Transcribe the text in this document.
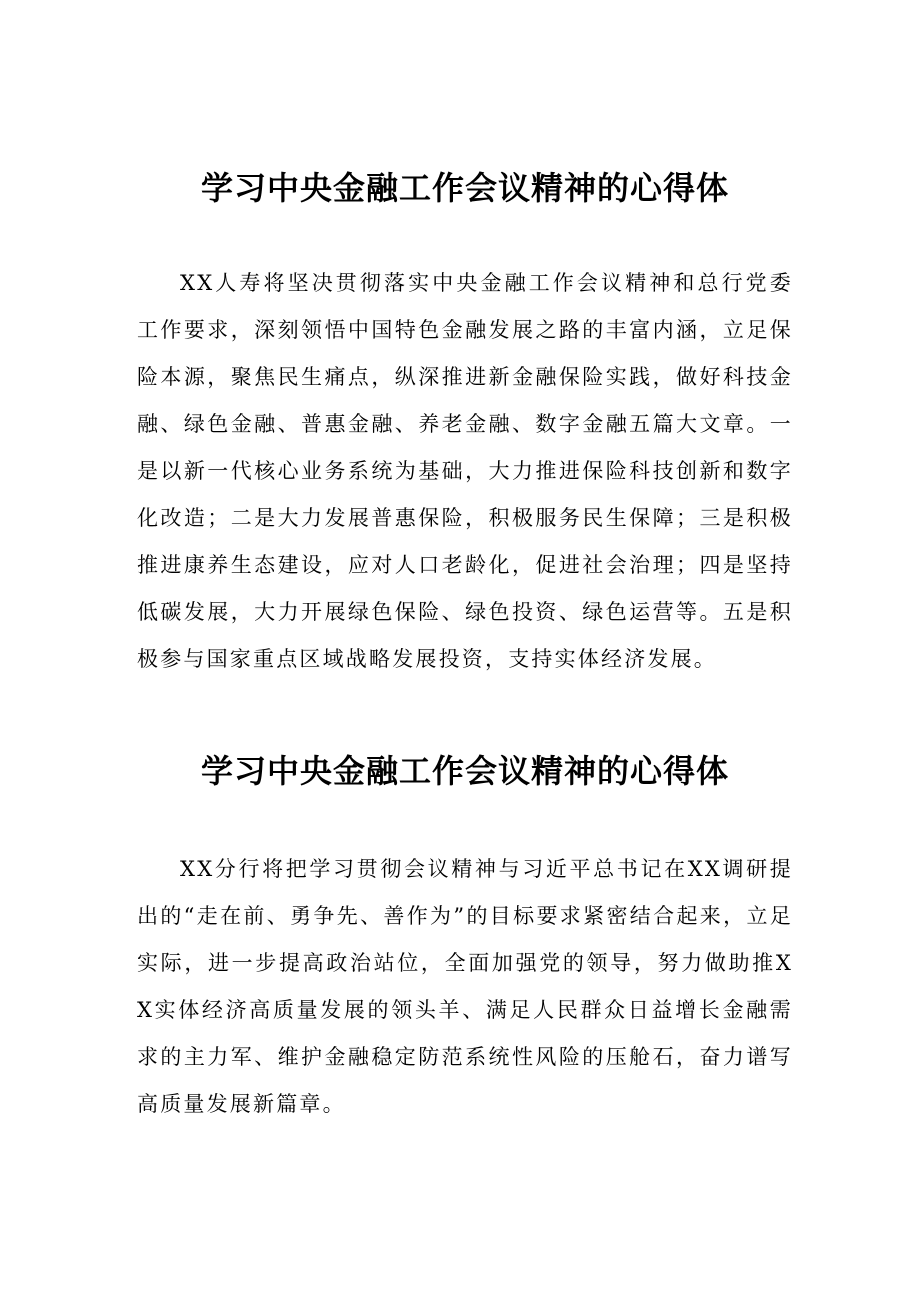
学习中央金融工作会议精神的心得体

XX人寿将坚决贯彻落实中央金融工作会议精神和总行党委工作要求，深刻领悟中国特色金融发展之路的丰富内涵，立足保险本源，聚焦民生痛点，纵深推进新金融保险实践，做好科技金融、绿色金融、普惠金融、养老金融、数字金融五篇大文章。一是以新一代核心业务系统为基础，大力推进保险科技创新和数字化改造；二是大力发展普惠保险，积极服务民生保障；三是积极推进康养生态建设，应对人口老龄化，促进社会治理；四是坚持低碳发展，大力开展绿色保险、绿色投资、绿色运营等。五是积极参与国家重点区域战略发展投资，支持实体经济发展。

学习中央金融工作会议精神的心得体

XX分行将把学习贯彻会议精神与习近平总书记在XX调研提出的“走在前、勇争先、善作为”的目标要求紧密结合起来，立足实际，进一步提高政治站位，全面加强党的领导，努力做助推XX实体经济高质量发展的领头羊、满足人民群众日益增长金融需求的主力军、维护金融稳定防范系统性风险的压舱石，奋力谱写高质量发展新篇章。
